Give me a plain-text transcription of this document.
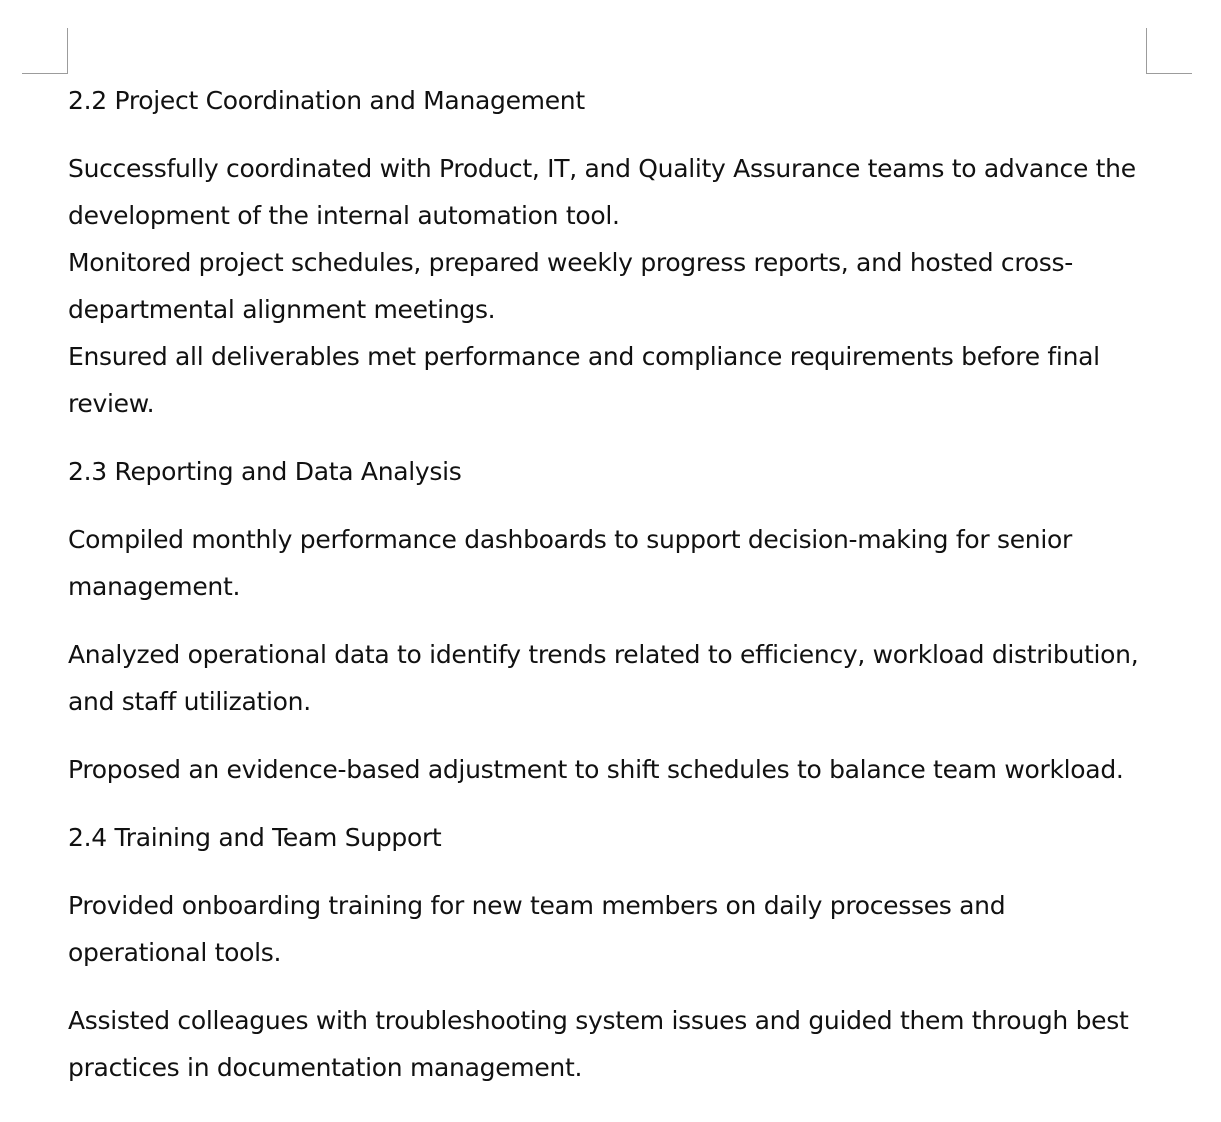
2.2 Project Coordination and Management

Successfully coordinated with Product, IT, and Quality Assurance teams to advance the development of the internal automation tool.

Monitored project schedules, prepared weekly progress reports, and hosted cross-departmental alignment meetings.

Ensured all deliverables met performance and compliance requirements before final review.

2.3 Reporting and Data Analysis

Compiled monthly performance dashboards to support decision-making for senior management.

Analyzed operational data to identify trends related to efficiency, workload distribution, and staff utilization.

Proposed an evidence-based adjustment to shift schedules to balance team workload.

2.4 Training and Team Support

Provided onboarding training for new team members on daily processes and operational tools.

Assisted colleagues with troubleshooting system issues and guided them through best practices in documentation management.
